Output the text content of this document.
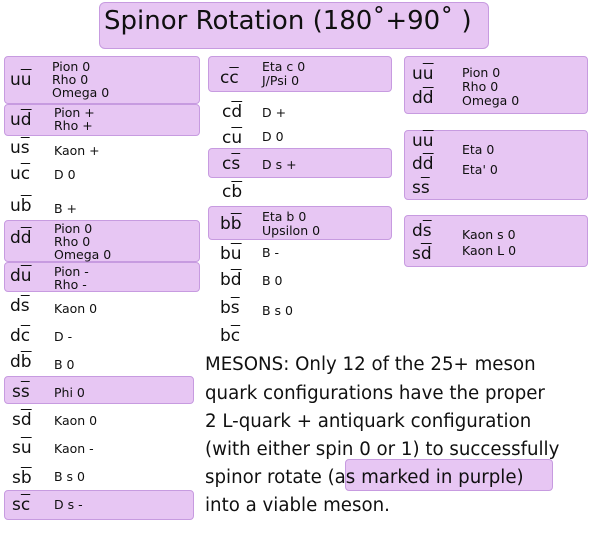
Spinor Rotation (180˚+90˚ )
$u\overline{u}$
Pion 0
Rho 0
Omega 0
$u\overline{d}$ Pion +
Rho +
$u\overline{s}$ Kaon +
$u\overline{c}$ D 0
$u\overline{b}$ B +
$d\overline{d}$ Pion 0
Rho 0
Omega 0
$d\overline{u}$ Pion -
Rho -
$d\overline{s}$ Kaon 0
$d\overline{c}$ D -
$d\overline{b}$ B 0
$s\overline{s}$ Phi 0
$s\overline{d}$ Kaon 0
$s\overline{u}$ Kaon -
$s\overline{b}$ B s 0
$s\overline{c}$ D s -
$c\overline{c}$
Eta c 0
J/Psi 0
$c\overline{d}$ D +
$c\overline{u}$ D 0
$c\overline{s}$ D s +
$c\overline{b}$
$b\overline{b}$ Eta b 0
Upsilon 0
$b\overline{u}$ B -
$b\overline{d}$ B 0
$b\overline{s}$ B s 0
$b\overline{c}$
$u\overline{u}$
$d\overline{d}$
Pion 0
Rho 0
Omega 0
$u\overline{u}$
$d\overline{d}$
$s\overline{s}$
Eta 0
Eta' 0
$d\overline{s}$
$s\overline{d}$
Kaon s 0
Kaon L 0
MESONS: Only 12 of the 25+ meson
quark configurations have the proper
2 L-quark + antiquark configuration
(with either spin 0 or 1) to successfully
spinor rotate (as marked in purple)
into a viable meson.
